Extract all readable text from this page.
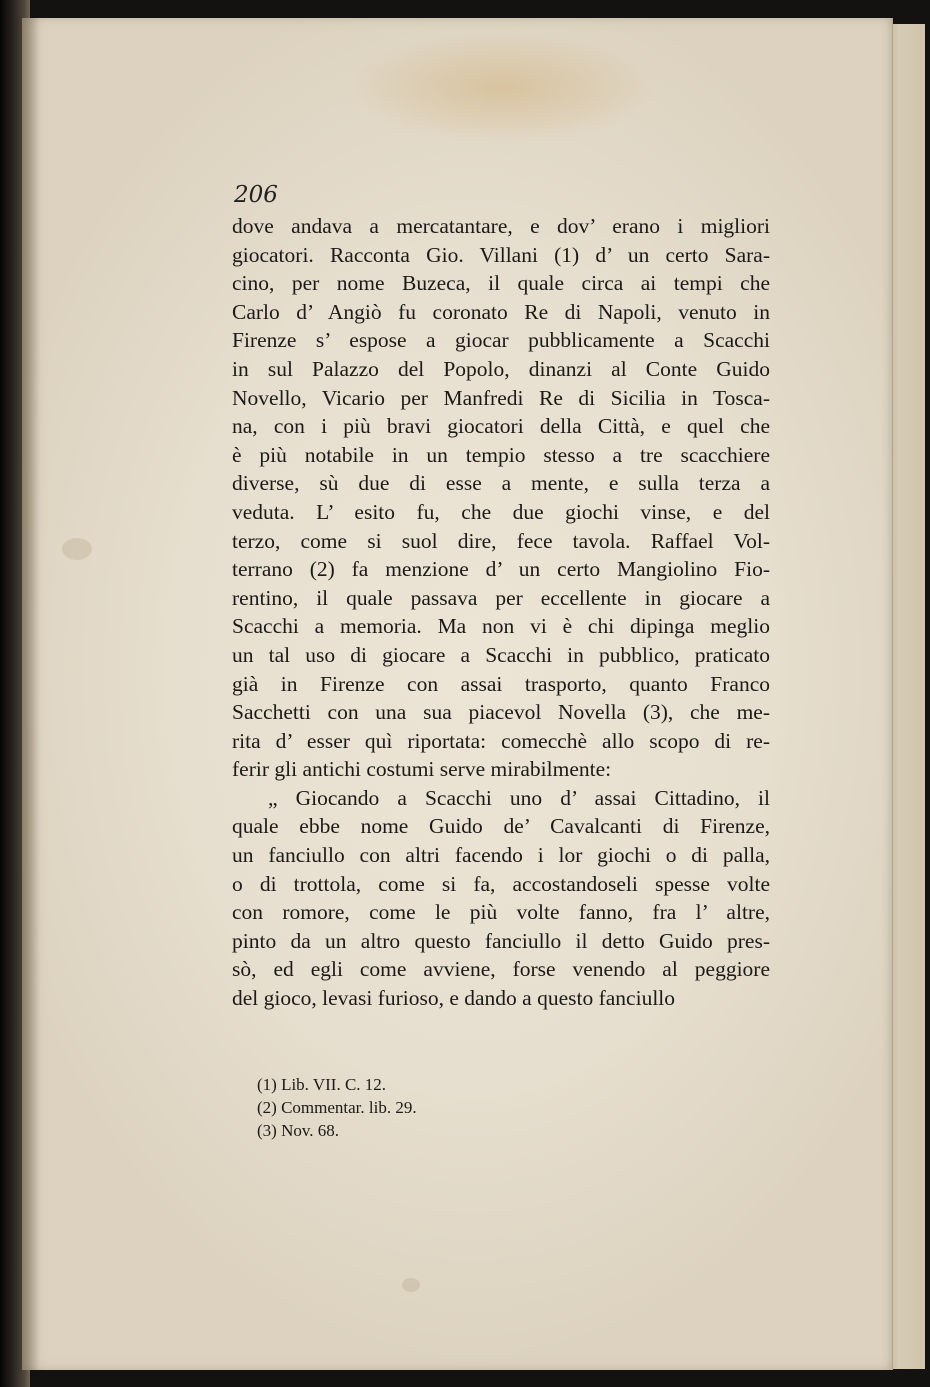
206

dove andava a mercatantare, e dov’ erano i migliori
giocatori. Racconta Gio. Villani (1) d’ un certo Sara-
cino, per nome Buzeca, il quale circa ai tempi che
Carlo d’ Angiò fu coronato Re di Napoli, venuto in
Firenze s’ espose a giocar pubblicamente a Scacchi
in sul Palazzo del Popolo, dinanzi al Conte Guido
Novello, Vicario per Manfredi Re di Sicilia in Tosca-
na, con i più bravi giocatori della Città, e quel che
è più notabile in un tempio stesso a tre scacchiere
diverse, sù due di esse a mente, e sulla terza a
veduta. L’ esito fu, che due giochi vinse, e del
terzo, come si suol dire, fece tavola. Raffael Vol-
terrano (2) fa menzione d’ un certo Mangiolino Fio-
rentino, il quale passava per eccellente in giocare a
Scacchi a memoria. Ma non vi è chi dipinga meglio
un tal uso di giocare a Scacchi in pubblico, praticato
già in Firenze con assai trasporto, quanto Franco
Sacchetti con una sua piacevol Novella (3), che me-
rita d’ esser quì riportata: comecchè allo scopo di re-
ferir gli antichi costumi serve mirabilmente:
„ Giocando a Scacchi uno d’ assai Cittadino, il
quale ebbe nome Guido de’ Cavalcanti di Firenze,
un fanciullo con altri facendo i lor giochi o di palla,
o di trottola, come si fa, accostandoseli spesse volte
con romore, come le più volte fanno, fra l’ altre,
pinto da un altro questo fanciullo il detto Guido pres-
sò, ed egli come avviene, forse venendo al peggiore
del gioco, levasi furioso, e dando a questo fanciullo
(1) Lib. VII. C. 12.
(2) Commentar. lib. 29.
(3) Nov. 68.
